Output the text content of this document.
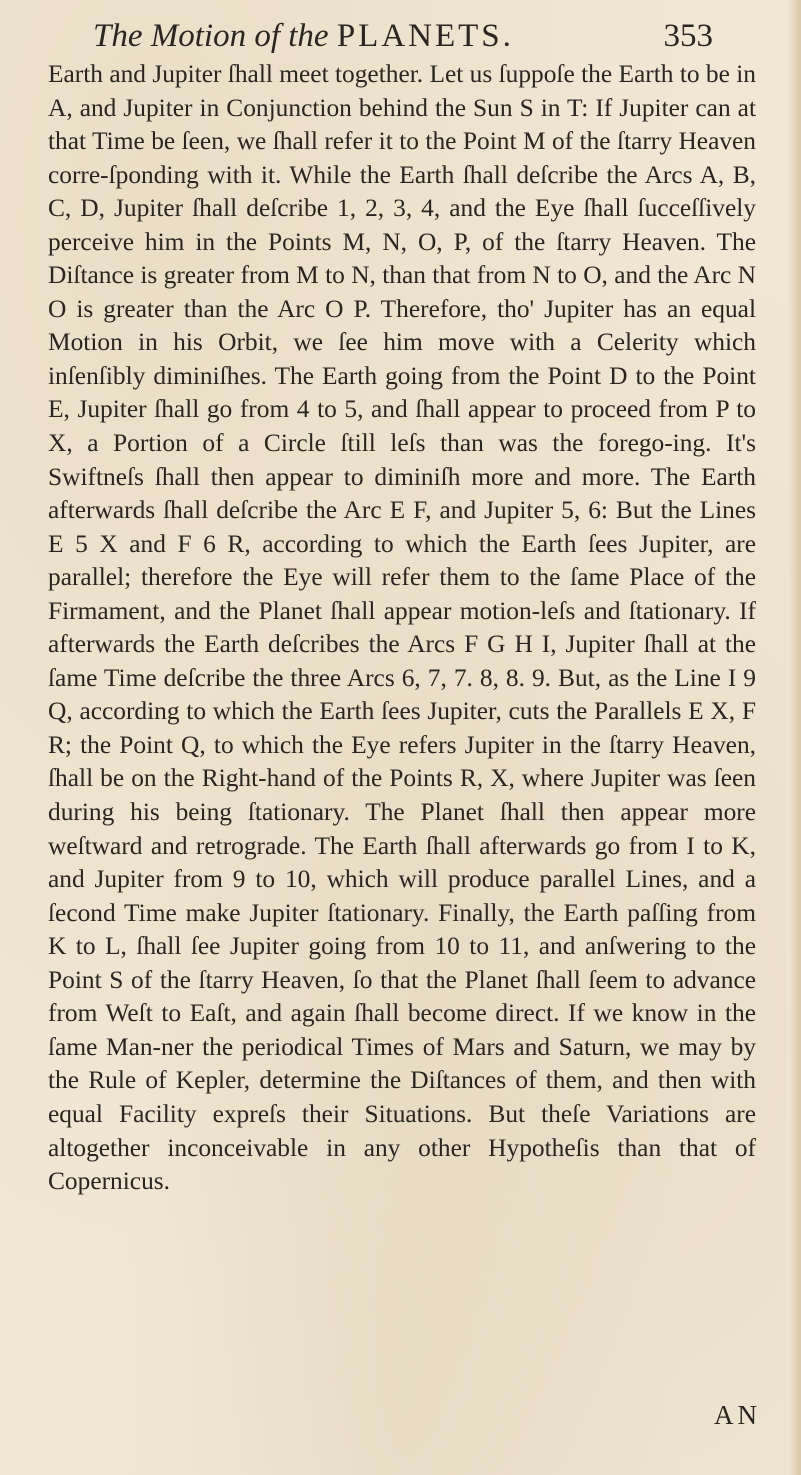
The Motion of the PLANETS.	353

Earth and Jupiter ſhall meet together. Let us ſuppoſe the Earth to be in A, and Jupiter in Conjunction behind the Sun S in T: If Jupiter can at that Time be ſeen, we ſhall refer it to the Point M of the ſtarry Heaven corre-ſponding with it. While the Earth ſhall deſcribe the Arcs A, B, C, D, Jupiter ſhall deſcribe 1, 2, 3, 4, and the Eye ſhall ſucceſſively perceive him in the Points M, N, O, P, of the ſtarry Heaven. The Diſtance is greater from M to N, than that from N to O, and the Arc N O is greater than the Arc O P. Therefore, tho' Jupiter has an equal Motion in his Orbit, we ſee him move with a Celerity which inſenſibly diminiſhes. The Earth going from the Point D to the Point E, Jupiter ſhall go from 4 to 5, and ſhall appear to proceed from P to X, a Portion of a Circle ſtill leſs than was the forego-ing. It's Swiftneſs ſhall then appear to diminiſh more and more. The Earth afterwards ſhall deſcribe the Arc E F, and Jupiter 5, 6: But the Lines E 5 X and F 6 R, according to which the Earth ſees Jupiter, are parallel; therefore the Eye will refer them to the ſame Place of the Firmament, and the Planet ſhall appear motion-leſs and ſtationary. If afterwards the Earth deſcribes the Arcs F G H I, Jupiter ſhall at the ſame Time deſcribe the three Arcs 6, 7, 7. 8, 8. 9. But, as the Line I 9 Q, according to which the Earth ſees Jupiter, cuts the Parallels E X, F R; the Point Q, to which the Eye refers Jupiter in the ſtarry Heaven, ſhall be on the Right-hand of the Points R, X, where Jupiter was ſeen during his being ſtationary. The Planet ſhall then appear more weſtward and retrograde. The Earth ſhall afterwards go from I to K, and Jupiter from 9 to 10, which will produce parallel Lines, and a ſecond Time make Jupiter ſtationary. Finally, the Earth paſſing from K to L, ſhall ſee Jupiter going from 10 to 11, and anſwering to the Point S of the ſtarry Heaven, ſo that the Planet ſhall ſeem to advance from Weſt to Eaſt, and again ſhall become direct. If we know in the ſame Man-ner the periodical Times of Mars and Saturn, we may by the Rule of Kepler, determine the Diſtances of them, and then with equal Facility expreſs their Situations. But theſe Variations are altogether inconceivable in any other Hypotheſis than that of Copernicus.

AN
